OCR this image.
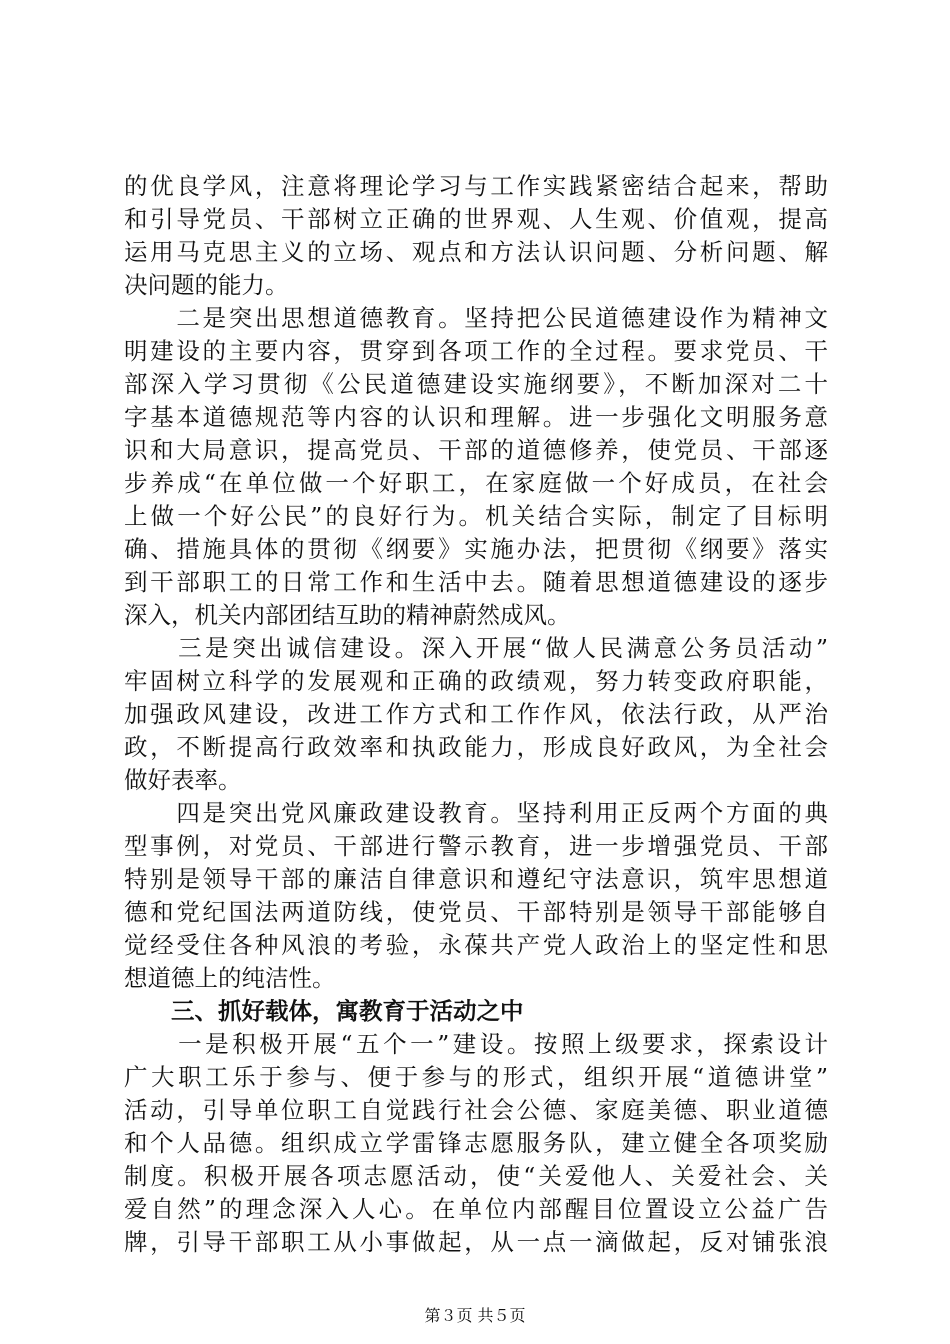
的优良学风，注意将理论学习与工作实践紧密结合起来，帮助
和引导党员、干部树立正确的世界观、人生观、价值观，提高
运用马克思主义的立场、观点和方法认识问题、分析问题、解
决问题的能力。
　　二是突出思想道德教育。坚持把公民道德建设作为精神文
明建设的主要内容，贯穿到各项工作的全过程。要求党员、干
部深入学习贯彻《公民道德建设实施纲要》，不断加深对二十
字基本道德规范等内容的认识和理解。进一步强化文明服务意
识和大局意识，提高党员、干部的道德修养，使党员、干部逐
步养成“在单位做一个好职工，在家庭做一个好成员，在社会
上做一个好公民”的良好行为。机关结合实际，制定了目标明
确、措施具体的贯彻《纲要》实施办法，把贯彻《纲要》落实
到干部职工的日常工作和生活中去。随着思想道德建设的逐步
深入，机关内部团结互助的精神蔚然成风。
　　三是突出诚信建设。深入开展“做人民满意公务员活动”
牢固树立科学的发展观和正确的政绩观，努力转变政府职能，
加强政风建设，改进工作方式和工作作风，依法行政，从严治
政，不断提高行政效率和执政能力，形成良好政风，为全社会
做好表率。
　　四是突出党风廉政建设教育。坚持利用正反两个方面的典
型事例，对党员、干部进行警示教育，进一步增强党员、干部
特别是领导干部的廉洁自律意识和遵纪守法意识，筑牢思想道
德和党纪国法两道防线，使党员、干部特别是领导干部能够自
觉经受住各种风浪的考验，永葆共产党人政治上的坚定性和思
想道德上的纯洁性。
　　三、抓好载体，寓教育于活动之中
　　一是积极开展“五个一”建设。按照上级要求，探索设计
广大职工乐于参与、便于参与的形式，组织开展“道德讲堂”
活动，引导单位职工自觉践行社会公德、家庭美德、职业道德
和个人品德。组织成立学雷锋志愿服务队，建立健全各项奖励
制度。积极开展各项志愿活动，使“关爱他人、关爱社会、关
爱自然”的理念深入人心。在单位内部醒目位置设立公益广告
牌，引导干部职工从小事做起，从一点一滴做起，反对铺张浪
第３页 共５页
